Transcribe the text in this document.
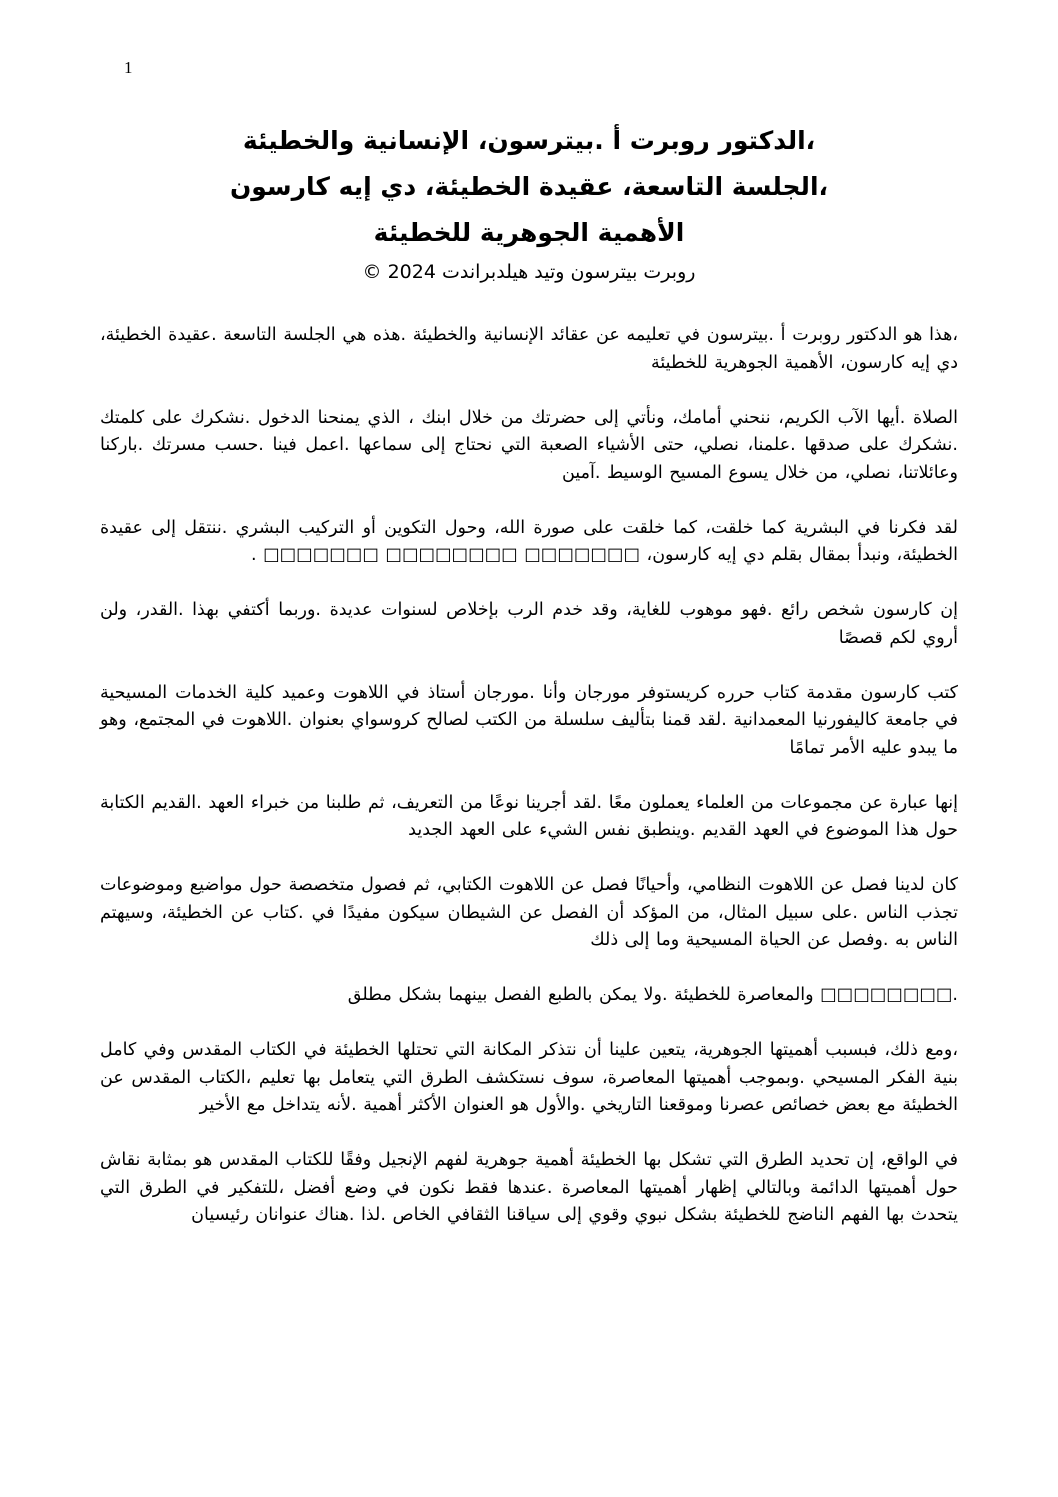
1
،الدكتور روبرت أ .بيترسون، الإنسانية والخطيئة
،الجلسة التاسعة، عقيدة الخطيئة، دي إيه كارسون
الأهمية الجوهرية للخطيئة
روبرت بيترسون وتيد هيلدبراندت 2024 ©

،هذا هو الدكتور روبرت أ .بيترسون في تعليمه عن عقائد الإنسانية والخطيئة .هذه هي الجلسة التاسعة .عقيدة الخطيئة، دي إيه كارسون، الأهمية الجوهرية للخطيئة

الصلاة .أيها الآب الكريم، ننحني أمامك، ونأتي إلى حضرتك من خلال ابنك ، الذي يمنحنا الدخول .نشكرك على كلمتك .نشكرك على صدقها .علمنا، نصلي، حتى الأشياء الصعبة التي نحتاج إلى سماعها .اعمل فينا .حسب مسرتك .باركنا وعائلاتنا، نصلي، من خلال يسوع المسيح الوسيط .آمين

لقد فكرنا في البشرية كما خلقت، كما خلقت على صورة الله، وحول التكوين أو التركيب البشري .ننتقل إلى عقيدة الخطيئة، ونبدأ بمقال بقلم دي إيه كارسون، □□□□□□□ □□□□□□□□ □□□□□□□ .

إن كارسون شخص رائع .فهو موهوب للغاية، وقد خدم الرب بإخلاص لسنوات عديدة .وربما أكتفي بهذا .القدر، ولن أروي لكم قصصًا

كتب كارسون مقدمة كتاب حرره كريستوفر مورجان وأنا .مورجان أستاذ في اللاهوت وعميد كلية الخدمات المسيحية في جامعة كاليفورنيا المعمدانية .لقد قمنا بتأليف سلسلة من الكتب لصالح كروسواي بعنوان .اللاهوت في المجتمع، وهو ما يبدو عليه الأمر تمامًا

إنها عبارة عن مجموعات من العلماء يعملون معًا .لقد أجرينا نوعًا من التعريف، ثم طلبنا من خبراء العهد .القديم الكتابة حول هذا الموضوع في العهد القديم .وينطبق نفس الشيء على العهد الجديد

كان لدينا فصل عن اللاهوت النظامي، وأحيانًا فصل عن اللاهوت الكتابي، ثم فصول متخصصة حول مواضيع وموضوعات تجذب الناس .على سبيل المثال، من المؤكد أن الفصل عن الشيطان سيكون مفيدًا في .كتاب عن الخطيئة، وسيهتم الناس به .وفصل عن الحياة المسيحية وما إلى ذلك

.□□□□□□□□ والمعاصرة للخطيئة .ولا يمكن بالطبع الفصل بينهما بشكل مطلق

،ومع ذلك، فبسبب أهميتها الجوهرية، يتعين علينا أن نتذكر المكانة التي تحتلها الخطيئة في الكتاب المقدس وفي كامل بنية الفكر المسيحي .وبموجب أهميتها المعاصرة، سوف نستكشف الطرق التي يتعامل بها تعليم ،الكتاب المقدس عن الخطيئة مع بعض خصائص عصرنا وموقعنا التاريخي .والأول هو العنوان الأكثر أهمية .لأنه يتداخل مع الأخير

في الواقع، إن تحديد الطرق التي تشكل بها الخطيئة أهمية جوهرية لفهم الإنجيل وفقًا للكتاب المقدس هو بمثابة نقاش حول أهميتها الدائمة وبالتالي إظهار أهميتها المعاصرة .عندها فقط نكون في وضع أفضل ،للتفكير في الطرق التي يتحدث بها الفهم الناضج للخطيئة بشكل نبوي وقوي إلى سياقنا الثقافي الخاص .لذا .هناك عنوانان رئيسيان
